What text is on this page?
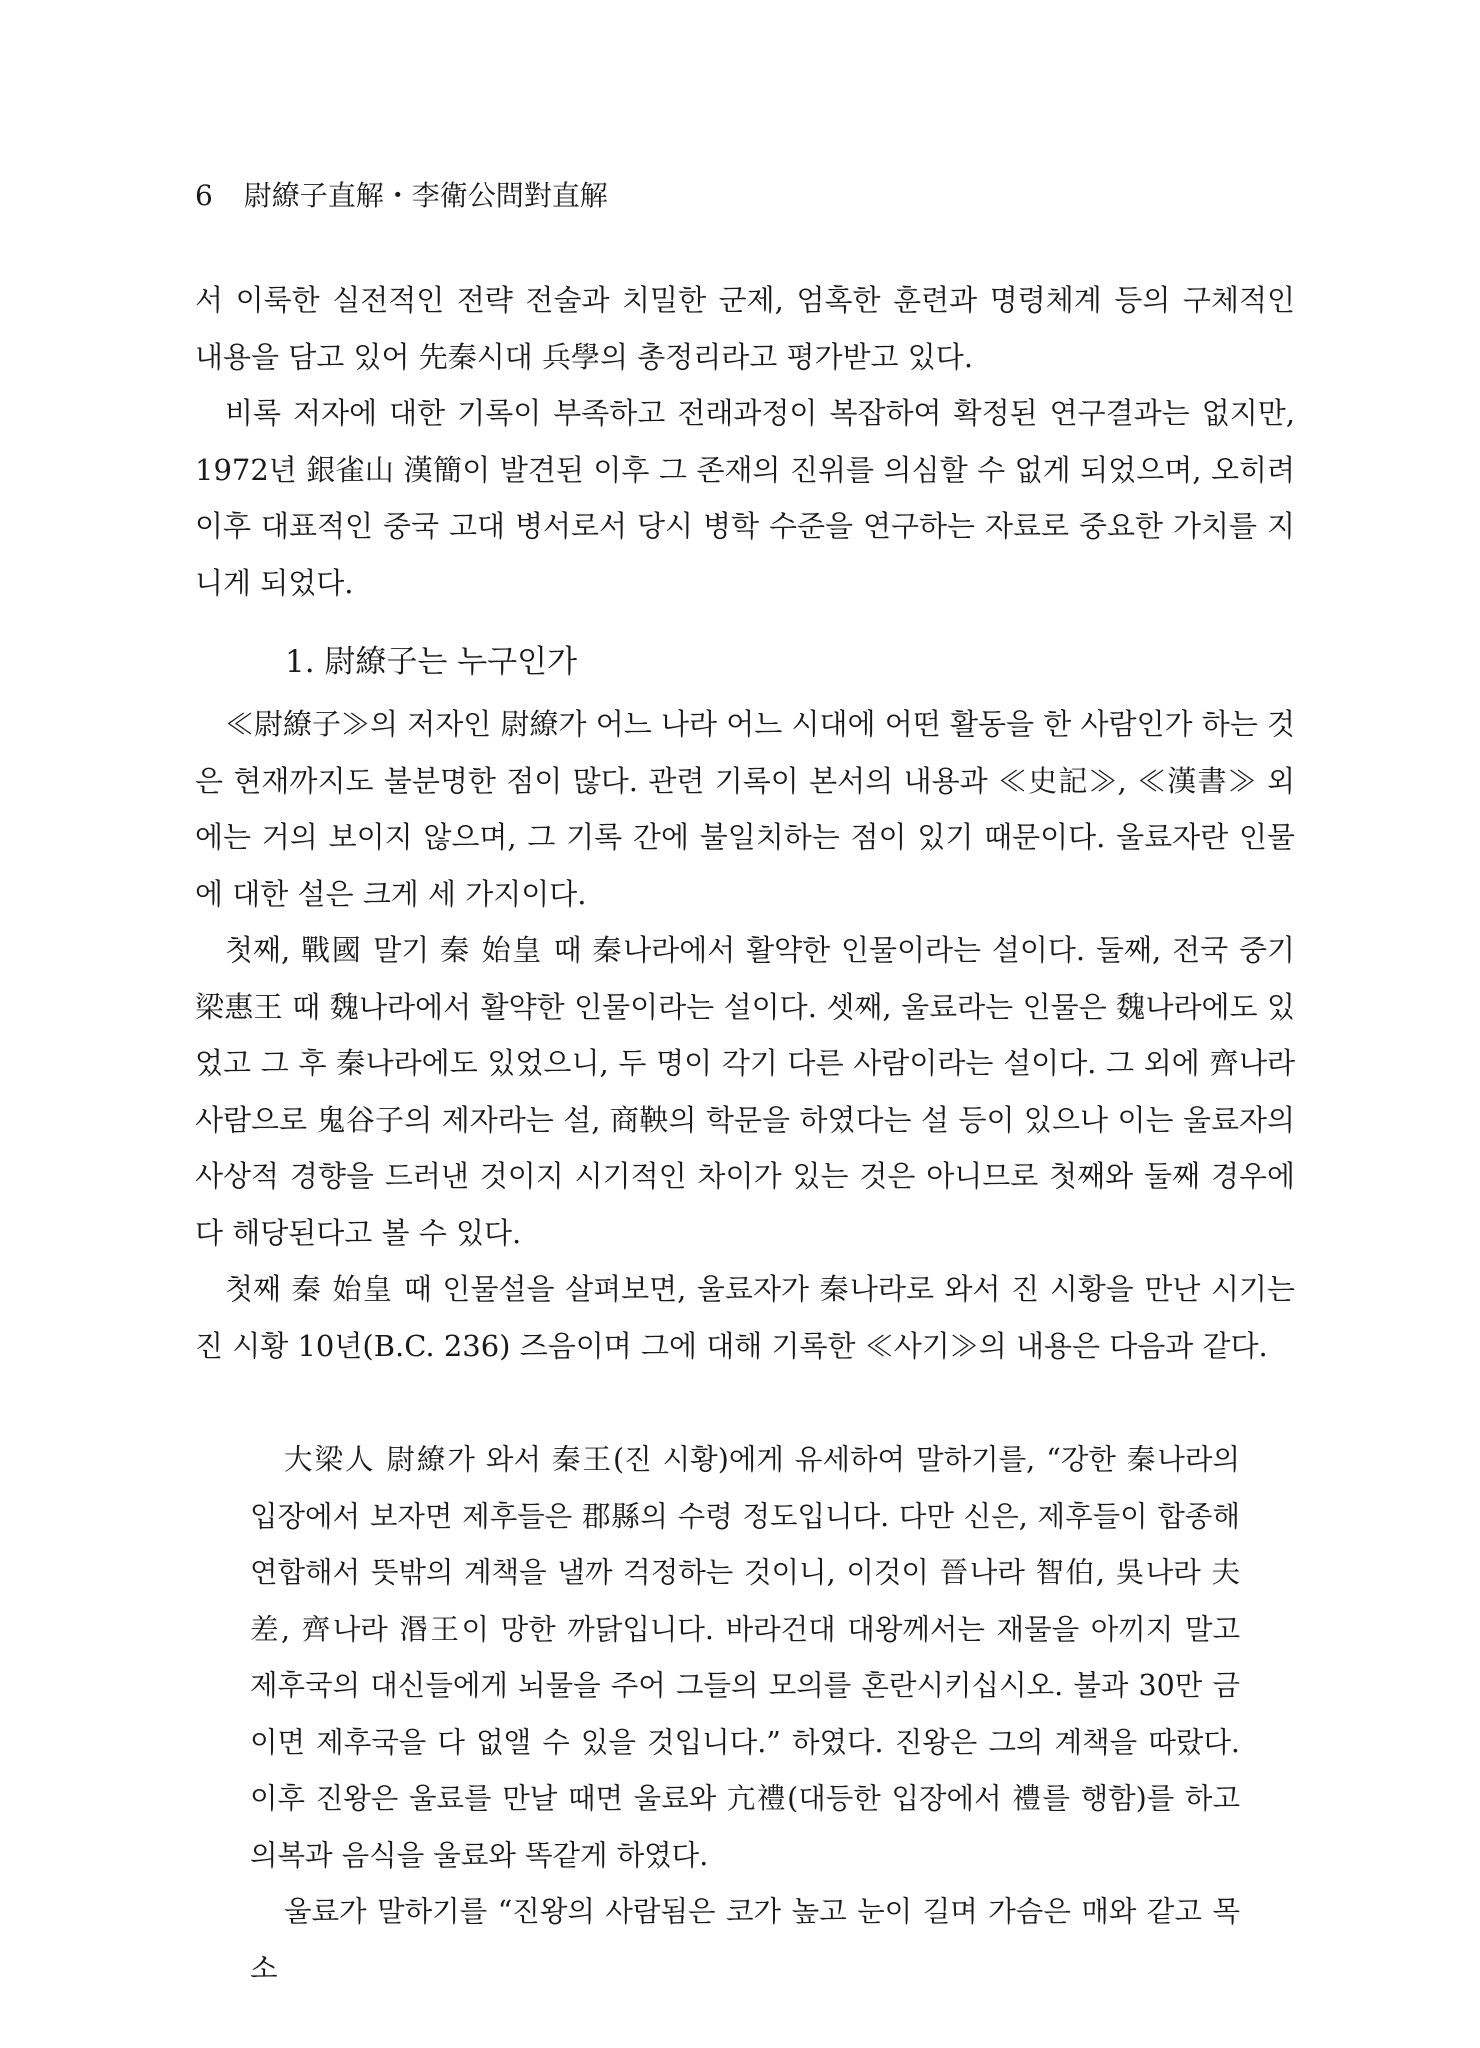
6 尉繚子直解・李衛公問對直解

서 이룩한 실전적인 전략 전술과 치밀한 군제, 엄혹한 훈련과 명령체계 등의 구체적인 내용을 담고 있어 先秦시대 兵學의 총정리라고 평가받고 있다.

비록 저자에 대한 기록이 부족하고 전래과정이 복잡하여 확정된 연구결과는 없지만, 1972년 銀雀山 漢簡이 발견된 이후 그 존재의 진위를 의심할 수 없게 되었으며, 오히려 이후 대표적인 중국 고대 병서로서 당시 병학 수준을 연구하는 자료로 중요한 가치를 지니게 되었다.

1. 尉繚子는 누구인가

≪尉繚子≫의 저자인 尉繚가 어느 나라 어느 시대에 어떤 활동을 한 사람인가 하는 것은 현재까지도 불분명한 점이 많다. 관련 기록이 본서의 내용과 ≪史記≫, ≪漢書≫ 외에는 거의 보이지 않으며, 그 기록 간에 불일치하는 점이 있기 때문이다. 울료자란 인물에 대한 설은 크게 세 가지이다.

첫째, 戰國 말기 秦 始皇 때 秦나라에서 활약한 인물이라는 설이다. 둘째, 전국 중기 梁惠王 때 魏나라에서 활약한 인물이라는 설이다. 셋째, 울료라는 인물은 魏나라에도 있었고 그 후 秦나라에도 있었으니, 두 명이 각기 다른 사람이라는 설이다. 그 외에 齊나라 사람으로 鬼谷子의 제자라는 설, 商鞅의 학문을 하였다는 설 등이 있으나 이는 울료자의 사상적 경향을 드러낸 것이지 시기적인 차이가 있는 것은 아니므로 첫째와 둘째 경우에 다 해당된다고 볼 수 있다.

첫째 秦 始皇 때 인물설을 살펴보면, 울료자가 秦나라로 와서 진 시황을 만난 시기는 진 시황 10년(B.C. 236) 즈음이며 그에 대해 기록한 ≪사기≫의 내용은 다음과 같다.

大梁人 尉繚가 와서 秦王(진 시황)에게 유세하여 말하기를, “강한 秦나라의 입장에서 보자면 제후들은 郡縣의 수령 정도입니다. 다만 신은, 제후들이 합종해 연합해서 뜻밖의 계책을 낼까 걱정하는 것이니, 이것이 晉나라 智伯, 吳나라 夫差, 齊나라 湣王이 망한 까닭입니다. 바라건대 대왕께서는 재물을 아끼지 말고 제후국의 대신들에게 뇌물을 주어 그들의 모의를 혼란시키십시오. 불과 30만 금이면 제후국을 다 없앨 수 있을 것입니다.” 하였다. 진왕은 그의 계책을 따랐다. 이후 진왕은 울료를 만날 때면 울료와 亢禮(대등한 입장에서 禮를 행함)를 하고 의복과 음식을 울료와 똑같게 하였다.

울료가 말하기를 “진왕의 사람됨은 코가 높고 눈이 길며 가슴은 매와 같고 목소
